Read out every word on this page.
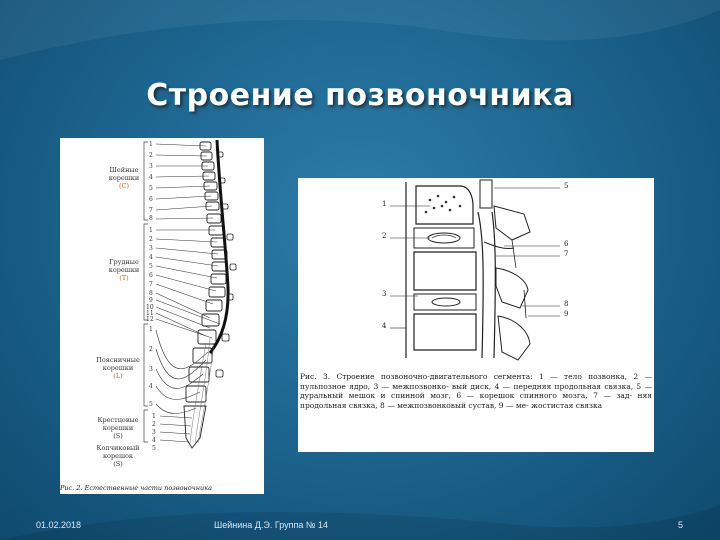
Строение позвоночника
1
2
3
4
5
6
7
8
1
2
3
4
5
6
7
8
9
10
11
12
1
2
3
4
5
1
2
3
4
5
Шейные
корешки
(C)
Грудные
корешки
(T)
Поясничные
корешки
(L)
Крестцовые
корешки
(S)
Копчиковый
корешок
(S)
Рис. 2. Естественные части позвоночника
1
2
3
4
5
6
7
8
9
Рис. 3. Строение позвоночно-двигательного сегмента: 1 — тело позвонка, 2 — пульпозное ядро, 3 — межпозвонко- вый диск, 4 — передняя продольная связка, 5 — дуральный мешок и спинной мозг, 6 — корешок спинного мозга, 7 — зад- няя продольная связка, 8 — межпозвонковый сустав, 9 — ме- жостистая связка
01.02.2018	Шейнина Д.Э. Группа № 14	5
